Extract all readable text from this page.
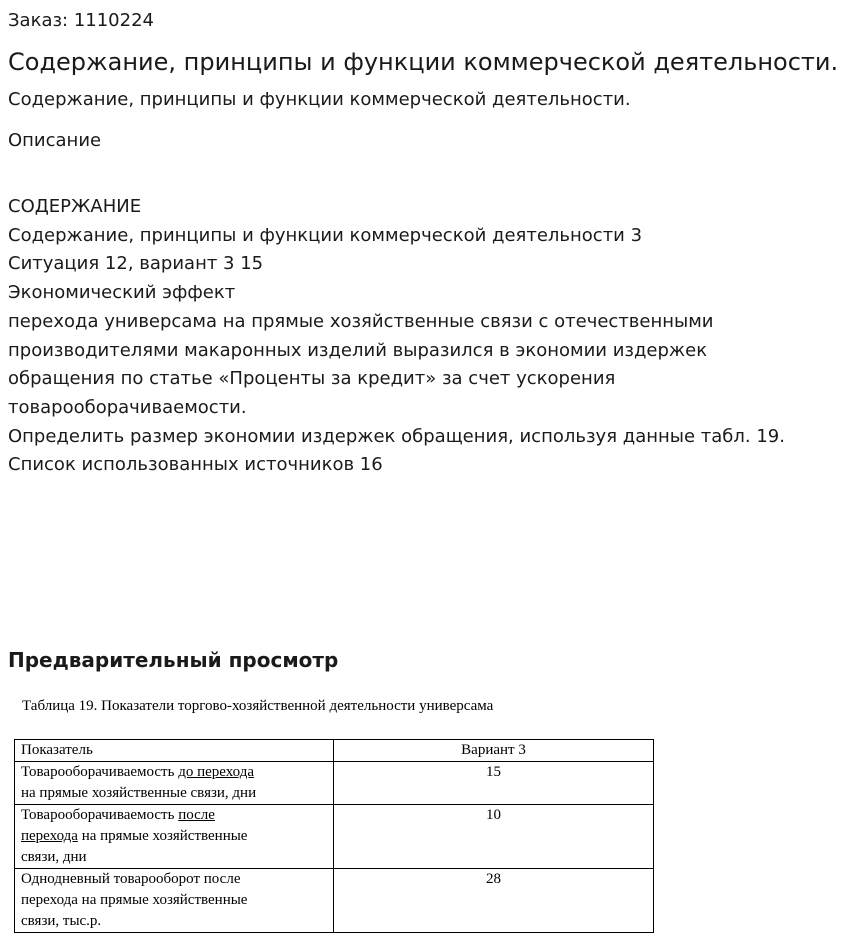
Заказ: 1110224
Содержание, принципы и функции коммерческой деятельности.
Содержание, принципы и функции коммерческой деятельности.
Описание
СОДЕРЖАНИЕ
Содержание, принципы и функции коммерческой деятельности 3
Ситуация 12, вариант 3 15
Экономический эффект
перехода универсама на прямые хозяйственные связи с отечественными
производителями макаронных изделий выразился в экономии издержек
обращения по статье «Проценты за кредит» за счет ускорения
товарооборачиваемости.
Определить размер экономии издержек обращения, используя данные табл. 19.
Список использованных источников 16
Предварительный просмотр
Таблица 19. Показатели торгово-хозяйственной деятельности универсама
Показатель	Вариант 3
Товарооборачиваемость до перехода
на прямые хозяйственные связи, дни	15
Товарооборачиваемость после
перехода на прямые хозяйственные
связи, дни	10
Однодневный товарооборот после
перехода на прямые хозяйственные
связи, тыс.р.	28
